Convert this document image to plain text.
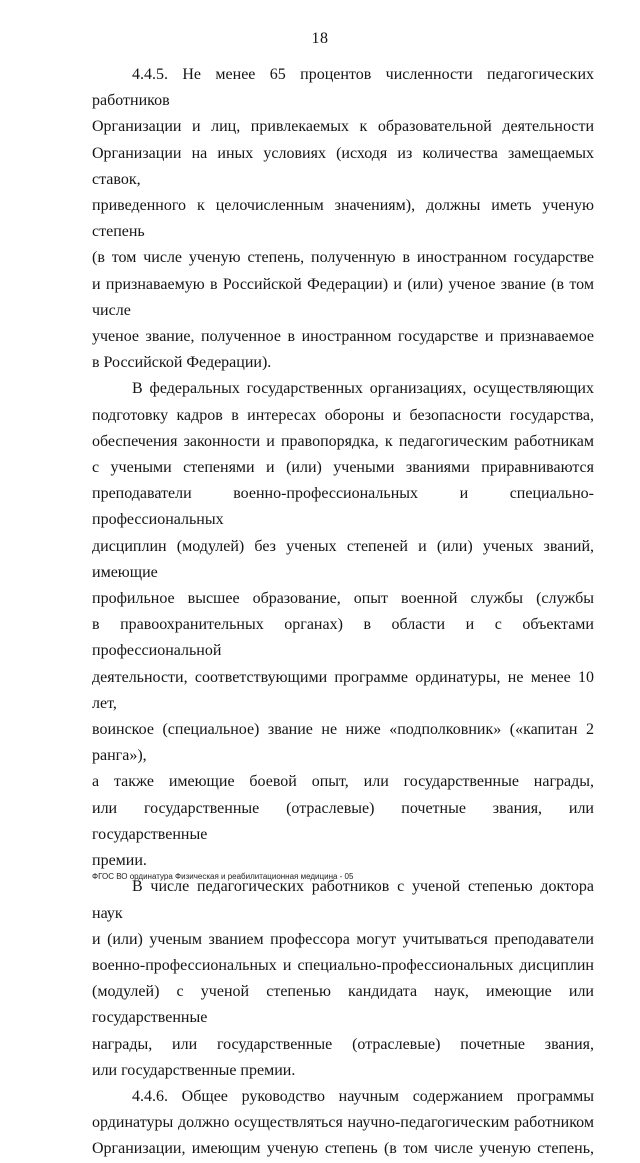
18

4.4.5. Не менее 65 процентов численности педагогических работников
Организации и лиц, привлекаемых к образовательной деятельности
Организации на иных условиях (исходя из количества замещаемых ставок,
приведенного к целочисленным значениям), должны иметь ученую степень
(в том числе ученую степень, полученную в иностранном государстве
и признаваемую в Российской Федерации) и (или) ученое звание (в том числе
ученое звание, полученное в иностранном государстве и признаваемое
в Российской Федерации).

В федеральных государственных организациях, осуществляющих
подготовку кадров в интересах обороны и безопасности государства,
обеспечения законности и правопорядка, к педагогическим работникам
с учеными степенями и (или) учеными званиями приравниваются
преподаватели военно-профессиональных и специально-профессиональных
дисциплин (модулей) без ученых степеней и (или) ученых званий, имеющие
профильное высшее образование, опыт военной службы (службы
в правоохранительных органах) в области и с объектами профессиональной
деятельности, соответствующими программе ординатуры, не менее 10 лет,
воинское (специальное) звание не ниже «подполковник» («капитан 2 ранга»),
а также имеющие боевой опыт, или государственные награды,
или государственные (отраслевые) почетные звания, или государственные
премии.

В числе педагогических работников с ученой степенью доктора наук
и (или) ученым званием профессора могут учитываться преподаватели
военно-профессиональных и специально-профессиональных дисциплин
(модулей) с ученой степенью кандидата наук, имеющие или государственные
награды, или государственные (отраслевые) почетные звания,
или государственные премии.

4.4.6. Общее руководство научным содержанием программы
ординатуры должно осуществляться научно-педагогическим работником
Организации, имеющим ученую степень (в том числе ученую степень,

ФГОС ВО ординатура Физическая и реабилитационная медицина - 05
